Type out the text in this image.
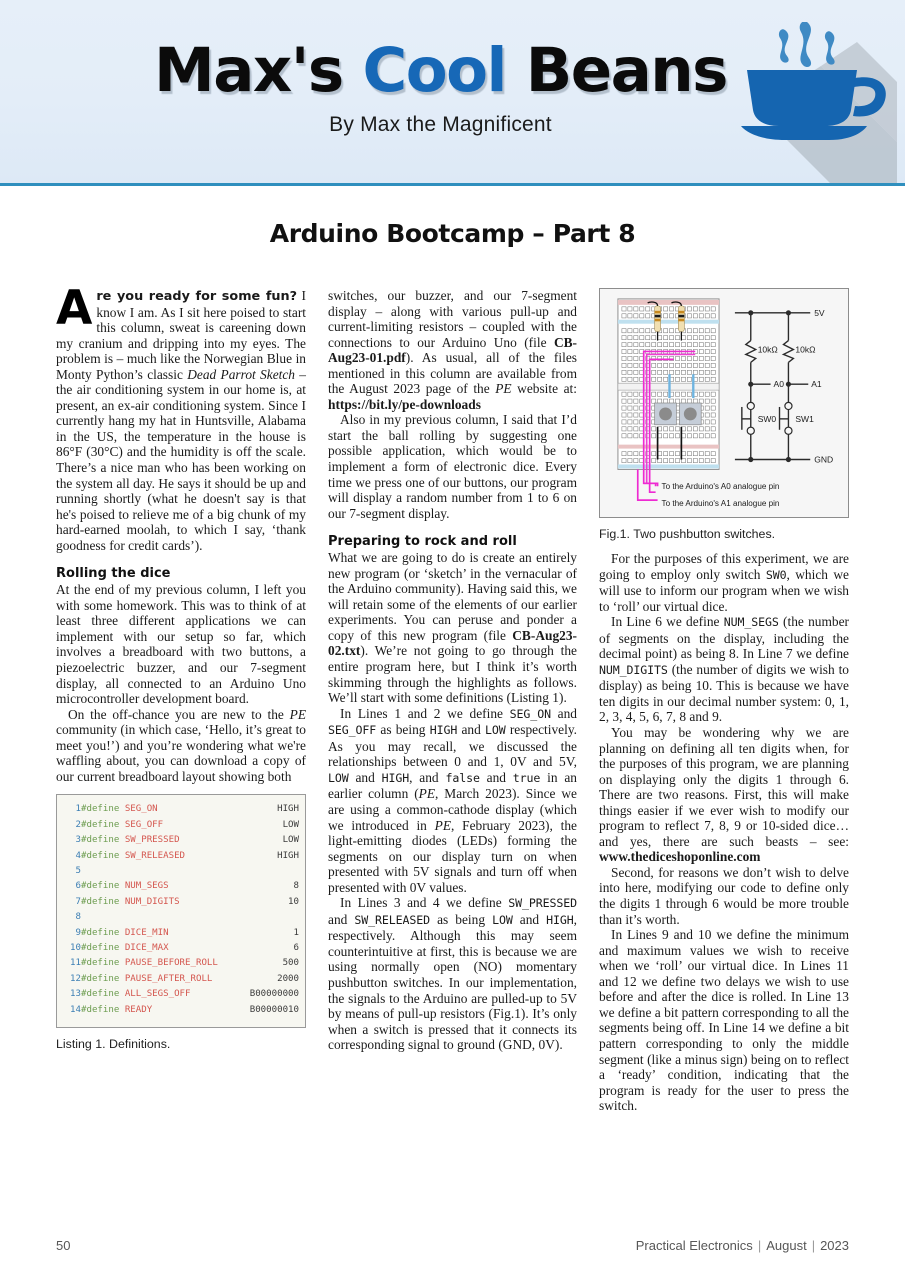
Max's Cool Beans
By Max the Magnificent
Arduino Bootcamp – Part 8

Are you ready for some fun? I know I am. As I sit here poised to start this column, sweat is careening down my cranium and dripping into my eyes. The problem is – much like the Norwegian Blue in Monty Python’s classic Dead Parrot Sketch – the air conditioning system in our home is, at present, an ex-air conditioning system. Since I currently hang my hat in Huntsville, Alabama in the US, the temperature in the house is 86°F (30°C) and the humidity is off the scale. There’s a nice man who has been working on the system all day. He says it should be up and running shortly (what he doesn't say is that he's poised to relieve me of a big chunk of my hard-earned moolah, to which I say, ‘thank goodness for credit cards’).

Rolling the dice

At the end of my previous column, I left you with some homework. This was to think of at least three different applications we can implement with our setup so far, which involves a breadboard with two buttons, a piezoelectric buzzer, and our 7-segment display, all connected to an Arduino Uno microcontroller development board.

On the off-chance you are new to the PE community (in which case, ‘Hello, it’s great to meet you!’) and you’re wondering what we're waffling about, you can download a copy of our current breadboard layout showing both

1	#define SEG_ON	HIGH
2	#define SEG_OFF	LOW
3	#define SW_PRESSED	LOW
4	#define SW_RELEASED	HIGH
5		
6	#define NUM_SEGS	8
7	#define NUM_DIGITS	10
8		
9	#define DICE_MIN	1
10	#define DICE_MAX	6
11	#define PAUSE_BEFORE_ROLL	500
12	#define PAUSE_AFTER_ROLL	2000
13	#define ALL_SEGS_OFF	B00000000
14	#define READY	B00000010
Listing 1. Definitions.

switches, our buzzer, and our 7-segment display – along with various pull-up and current-limiting resistors – coupled with the connections to our Arduino Uno (file CB-Aug23-01.pdf). As usual, all of the files mentioned in this column are available from the August 2023 page of the PE website at: https://bit.ly/pe-downloads

Also in my previous column, I said that I’d start the ball rolling by suggesting one possible application, which would be to implement a form of electronic dice. Every time we press one of our buttons, our program will display a random number from 1 to 6 on our 7-segment display.

Preparing to rock and roll

What we are going to do is create an entirely new program (or ‘sketch’ in the vernacular of the Arduino community). Having said this, we will retain some of the elements of our earlier experiments. You can peruse and ponder a copy of this new program (file CB-Aug23-02.txt). We’re not going to go through the entire program here, but I think it’s worth skimming through the highlights as follows. We’ll start with some definitions (Listing 1).

In Lines 1 and 2 we define SEG_ON and SEG_OFF as being HIGH and LOW respectively. As you may recall, we discussed the relationships between 0 and 1, 0V and 5V, LOW and HIGH, and false and true in an earlier column (PE, March 2023). Since we are using a common-cathode display (which we introduced in PE, February 2023), the light-emitting diodes (LEDs) forming the segments on our display turn on when presented with 5V signals and turn off when presented with 0V values.

In Lines 3 and 4 we define SW_PRESSED and SW_RELEASED as being LOW and HIGH, respectively. Although this may seem counterintuitive at first, this is because we are using normally open (NO) momentary pushbutton switches. In our implementation, the signals to the Arduino are pulled-up to 5V by means of pull-up resistors (Fig.1). It’s only when a switch is pressed that it connects its corresponding signal to ground (GND, 0V).

5V
GND
10kΩ 10kΩ
A0	A1
SW0 SW1
To the Arduino's A0 analogue pin
To the Arduino's A1 analogue pin
Fig.1. Two pushbutton switches.

For the purposes of this experiment, we are going to employ only switch SW0, which we will use to inform our program when we wish to ‘roll’ our virtual dice.

In Line 6 we define NUM_SEGS (the number of segments on the display, including the decimal point) as being 8. In Line 7 we define NUM_DIGITS (the number of digits we wish to display) as being 10. This is because we have ten digits in our decimal number system: 0, 1, 2, 3, 4, 5, 6, 7, 8 and 9.

You may be wondering why we are planning on defining all ten digits when, for the purposes of this program, we are planning on displaying only the digits 1 through 6. There are two reasons. First, this will make things easier if we ever wish to modify our program to reflect 7, 8, 9 or 10-sided dice… and yes, there are such beasts – see: www.thediceshoponline.com

Second, for reasons we don’t wish to delve into here, modifying our code to define only the digits 1 through 6 would be more trouble than it’s worth.

In Lines 9 and 10 we define the minimum and maximum values we wish to receive when we ‘roll’ our virtual dice. In Lines 11 and 12 we define two delays we wish to use before and after the dice is rolled. In Line 13 we define a bit pattern corresponding to all the segments being off. In Line 14 we define a bit pattern corresponding to only the middle segment (like a minus sign) being on to reflect a ‘ready’ condition, indicating that the program is ready for the user to press the switch.

50	Practical Electronics | August | 2023
